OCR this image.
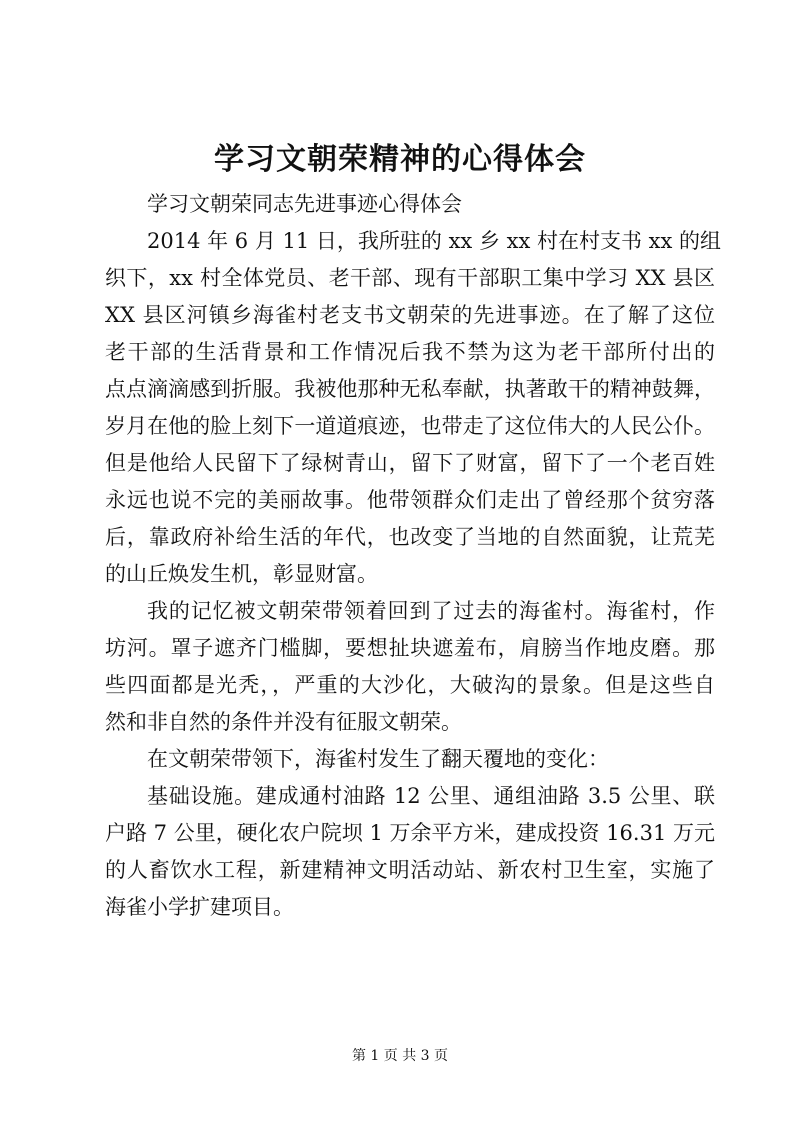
学习文朝荣精神的心得体会
学习文朝荣同志先进事迹心得体会
2014 年 6 月 11 日，我所驻的 xx 乡 xx 村在村支书 xx 的组
织下，xx 村全体党员、老干部、现有干部职工集中学习 XX 县区
XX 县区河镇乡海雀村老支书文朝荣的先进事迹。在了解了这位
老干部的生活背景和工作情况后我不禁为这为老干部所付出的
点点滴滴感到折服。我被他那种无私奉献，执著敢干的精神鼓舞，
岁月在他的脸上刻下一道道痕迹，也带走了这位伟大的人民公仆。
但是他给人民留下了绿树青山，留下了财富，留下了一个老百姓
永远也说不完的美丽故事。他带领群众们走出了曾经那个贫穷落
后，靠政府补给生活的年代，也改变了当地的自然面貌，让荒芜
的山丘焕发生机，彰显财富。
我的记忆被文朝荣带领着回到了过去的海雀村。海雀村，作
坊河。罩子遮齐门槛脚，要想扯块遮羞布，肩膀当作地皮磨。那
些四面都是光秃，，严重的大沙化，大破沟的景象。但是这些自
然和非自然的条件并没有征服文朝荣。
在文朝荣带领下，海雀村发生了翻天覆地的变化：
基础设施。建成通村油路 12 公里、通组油路 3.5 公里、联
户路 7 公里，硬化农户院坝 1 万余平方米，建成投资 16.31 万元
的人畜饮水工程，新建精神文明活动站、新农村卫生室，实施了
海雀小学扩建项目。
第 1 页 共 3 页
